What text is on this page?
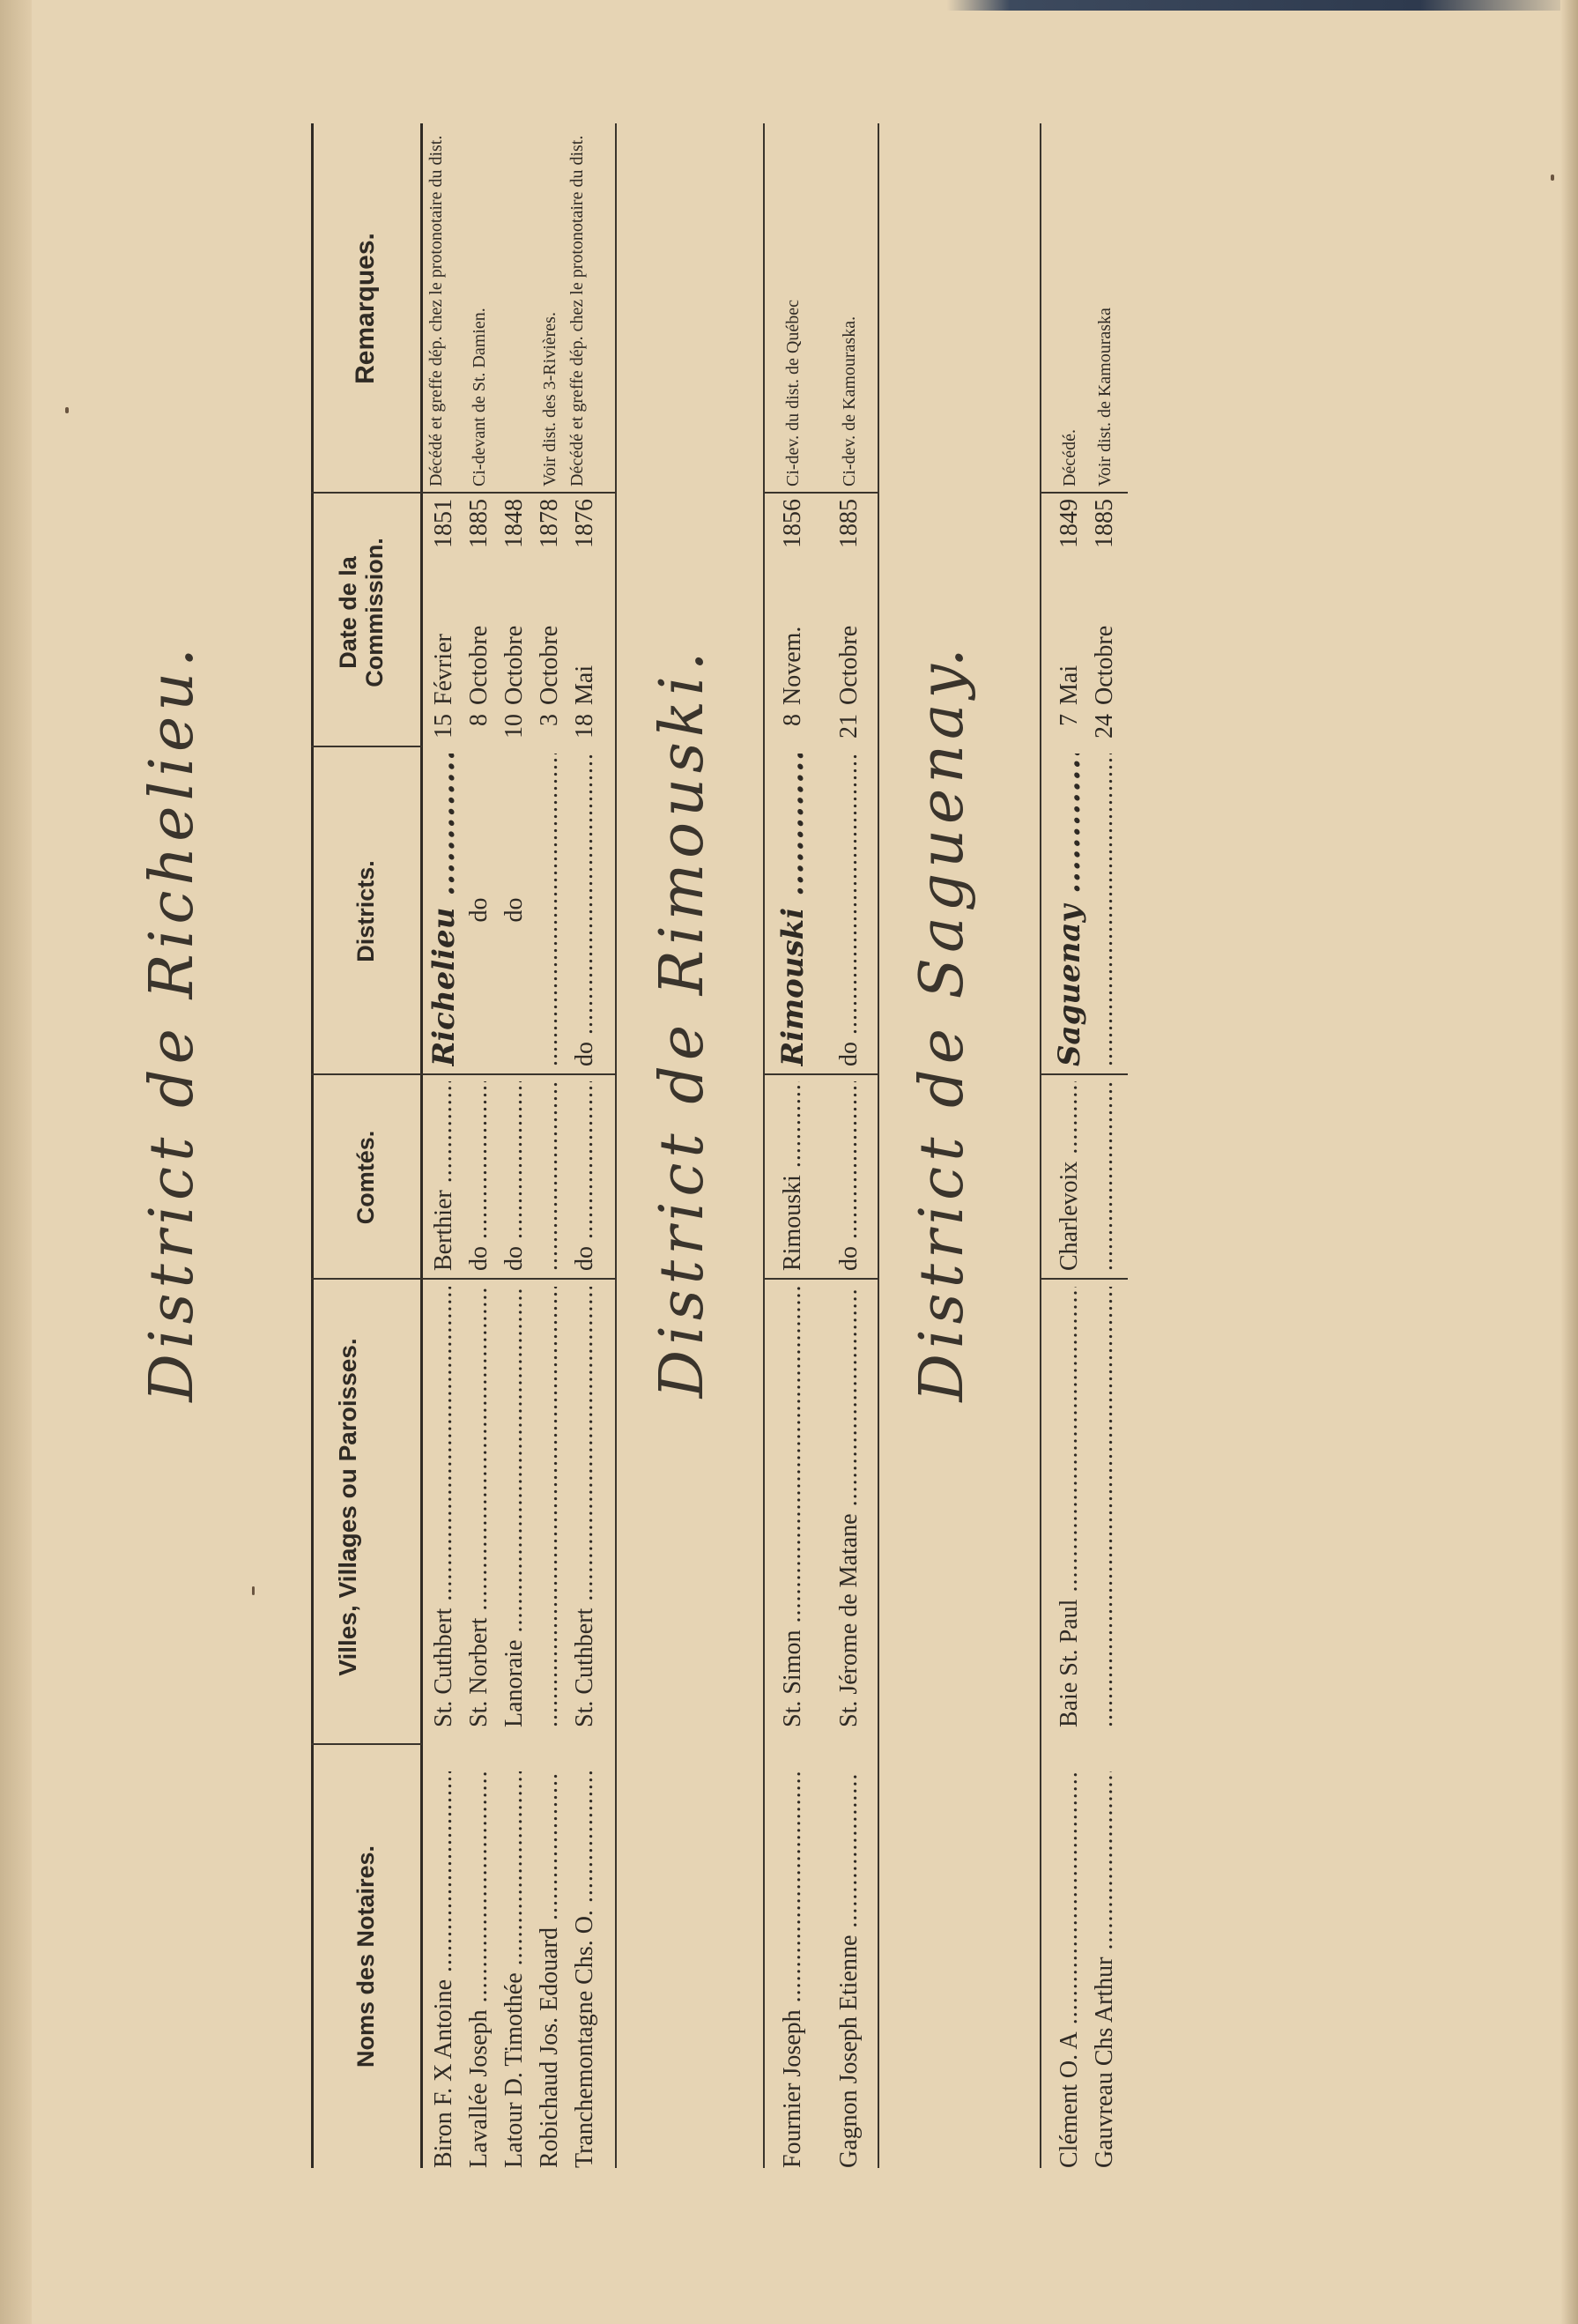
District de Richelieu.
Noms des Notaires.
Villes, Villages ou Paroisses.
Comtés.
Districts.
Date de la Commission.
Remarques.
Biron F. X Antoine .....
St. Cuthbert .....
Berthier .....
Richelieu .....
15
Février
1851
Décédé et greffe dép. chez le protonotaire du dist.
Lavallée Joseph .....
St. Norbert .....
do .....
do
8
Octobre
1885
Ci-devant de St. Damien.
Latour D. Timothée .....
Lanoraie .....
do .....
do
10
Octobre
1848
Robichaud Jos. Edouard .....
.....
.....
.....
3
Octobre
1878
Voir dist. des 3-Rivières.
Tranchemontagne Chs. O. .....
St. Cuthbert .....
do .....
do .....
18
Mai
1876
Décédé et greffe dép. chez le protonotaire du dist.
District de Rimouski.
Fournier Joseph .....
St. Simon .....
Rimouski .....
Rimouski .....
8
Novem.
1856
Ci-dev. du dist. de Québec
Gagnon Joseph Etienne .....
St. Jérome de Matane .....
do .....
do .....
21
Octobre
1885
Ci-dev. de Kamouraska.
District de Saguenay.
Clément O. A .....
Baie St. Paul .....
Charlevoix .....
Saguenay .....
7
Mai
1849
Décédé.
Gauvreau Chs Arthur .....
.....
.....
.....
24
Octobre
1885
Voir dist. de Kamouraska
